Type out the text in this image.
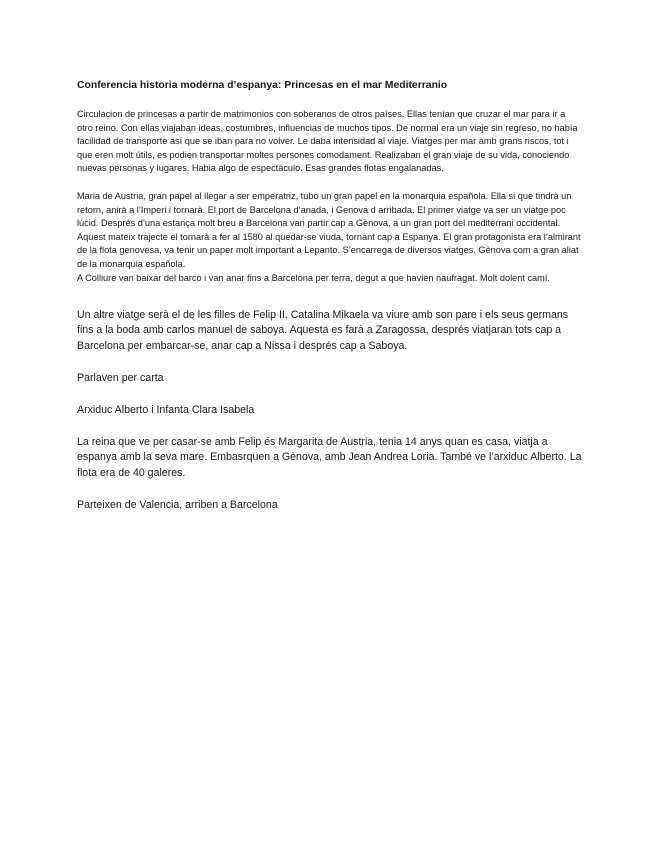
Conferencia historia moderna d’espanya: Princesas en el mar Mediterranio

Circulacion de princesas a partir de matrimonios con soberanos de otros países. Ellas tenían que cruzar el mar para ir a otro reino. Con ellas viajaban ideas, costumbres, influencias de muchos tipos. De normal era un viaje sin regreso, no había facilidad de transporte así que se iban para no volver. Le daba intensidad al viaje. Viatges per mar amb grans riscos, tot i que eren molt útils, es podien transportar moltes persones comodament. Realizaban el gran viaje de su vida, conociendo nuevas personas y lugares. Habia algo de espectáculo. Esas grandes flotas engalanadas.

Maria de Austria, gran papel al llegar a ser emperatriz, tubo un gran papel en la monarquia española. Ella si que tindrà un retorn, anirà a l’Imperi i tornarà. El port de Barcelona d’anada, i Genova d arribada. El primer viatge va ser un viatge poc lúcid. Després d’una estança molt breu a Barcelona van partir cap a Gènova, a un gran port del mediterrani occidental. Aquest mateix trajecte el tornarà a fer al 1580 al quedar-se viuda, tornant cap a Espanya. El gran protagonista era l’almirant de la flota genovesa, va tenir un paper molt important a Lepanto. S’encarrega de diversos viatges. Gènova com a gran aliat de la monarquia española.

A Colliure van baixar del barco i van anar fins a Barcelona per terra, degut a que havien naufragat. Molt dolent camí.

Un altre viatge serà el de les filles de Felip II, Catalina Mikaela va viure amb son pare i els seus germans fins a la boda amb carlos manuel de saboya. Aquesta es farà a Zaragossa, després viatjaran tots cap a Barcelona per embarcar-se, anar cap a Nissa i després cap a Saboya.

Parlaven per carta

Arxiduc Alberto i Infanta Clara Isabela

La reina que ve per casar-se amb Felip és Margarita de Austria, tenia 14 anys quan es casa, viatja a espanya amb la seva mare. Embasrquen a Gènova, amb Jean Andrea Loria. També ve l’arxiduc Alberto. La flota era de 40 galeres.

Parteixen de Valencia, arriben a Barcelona
